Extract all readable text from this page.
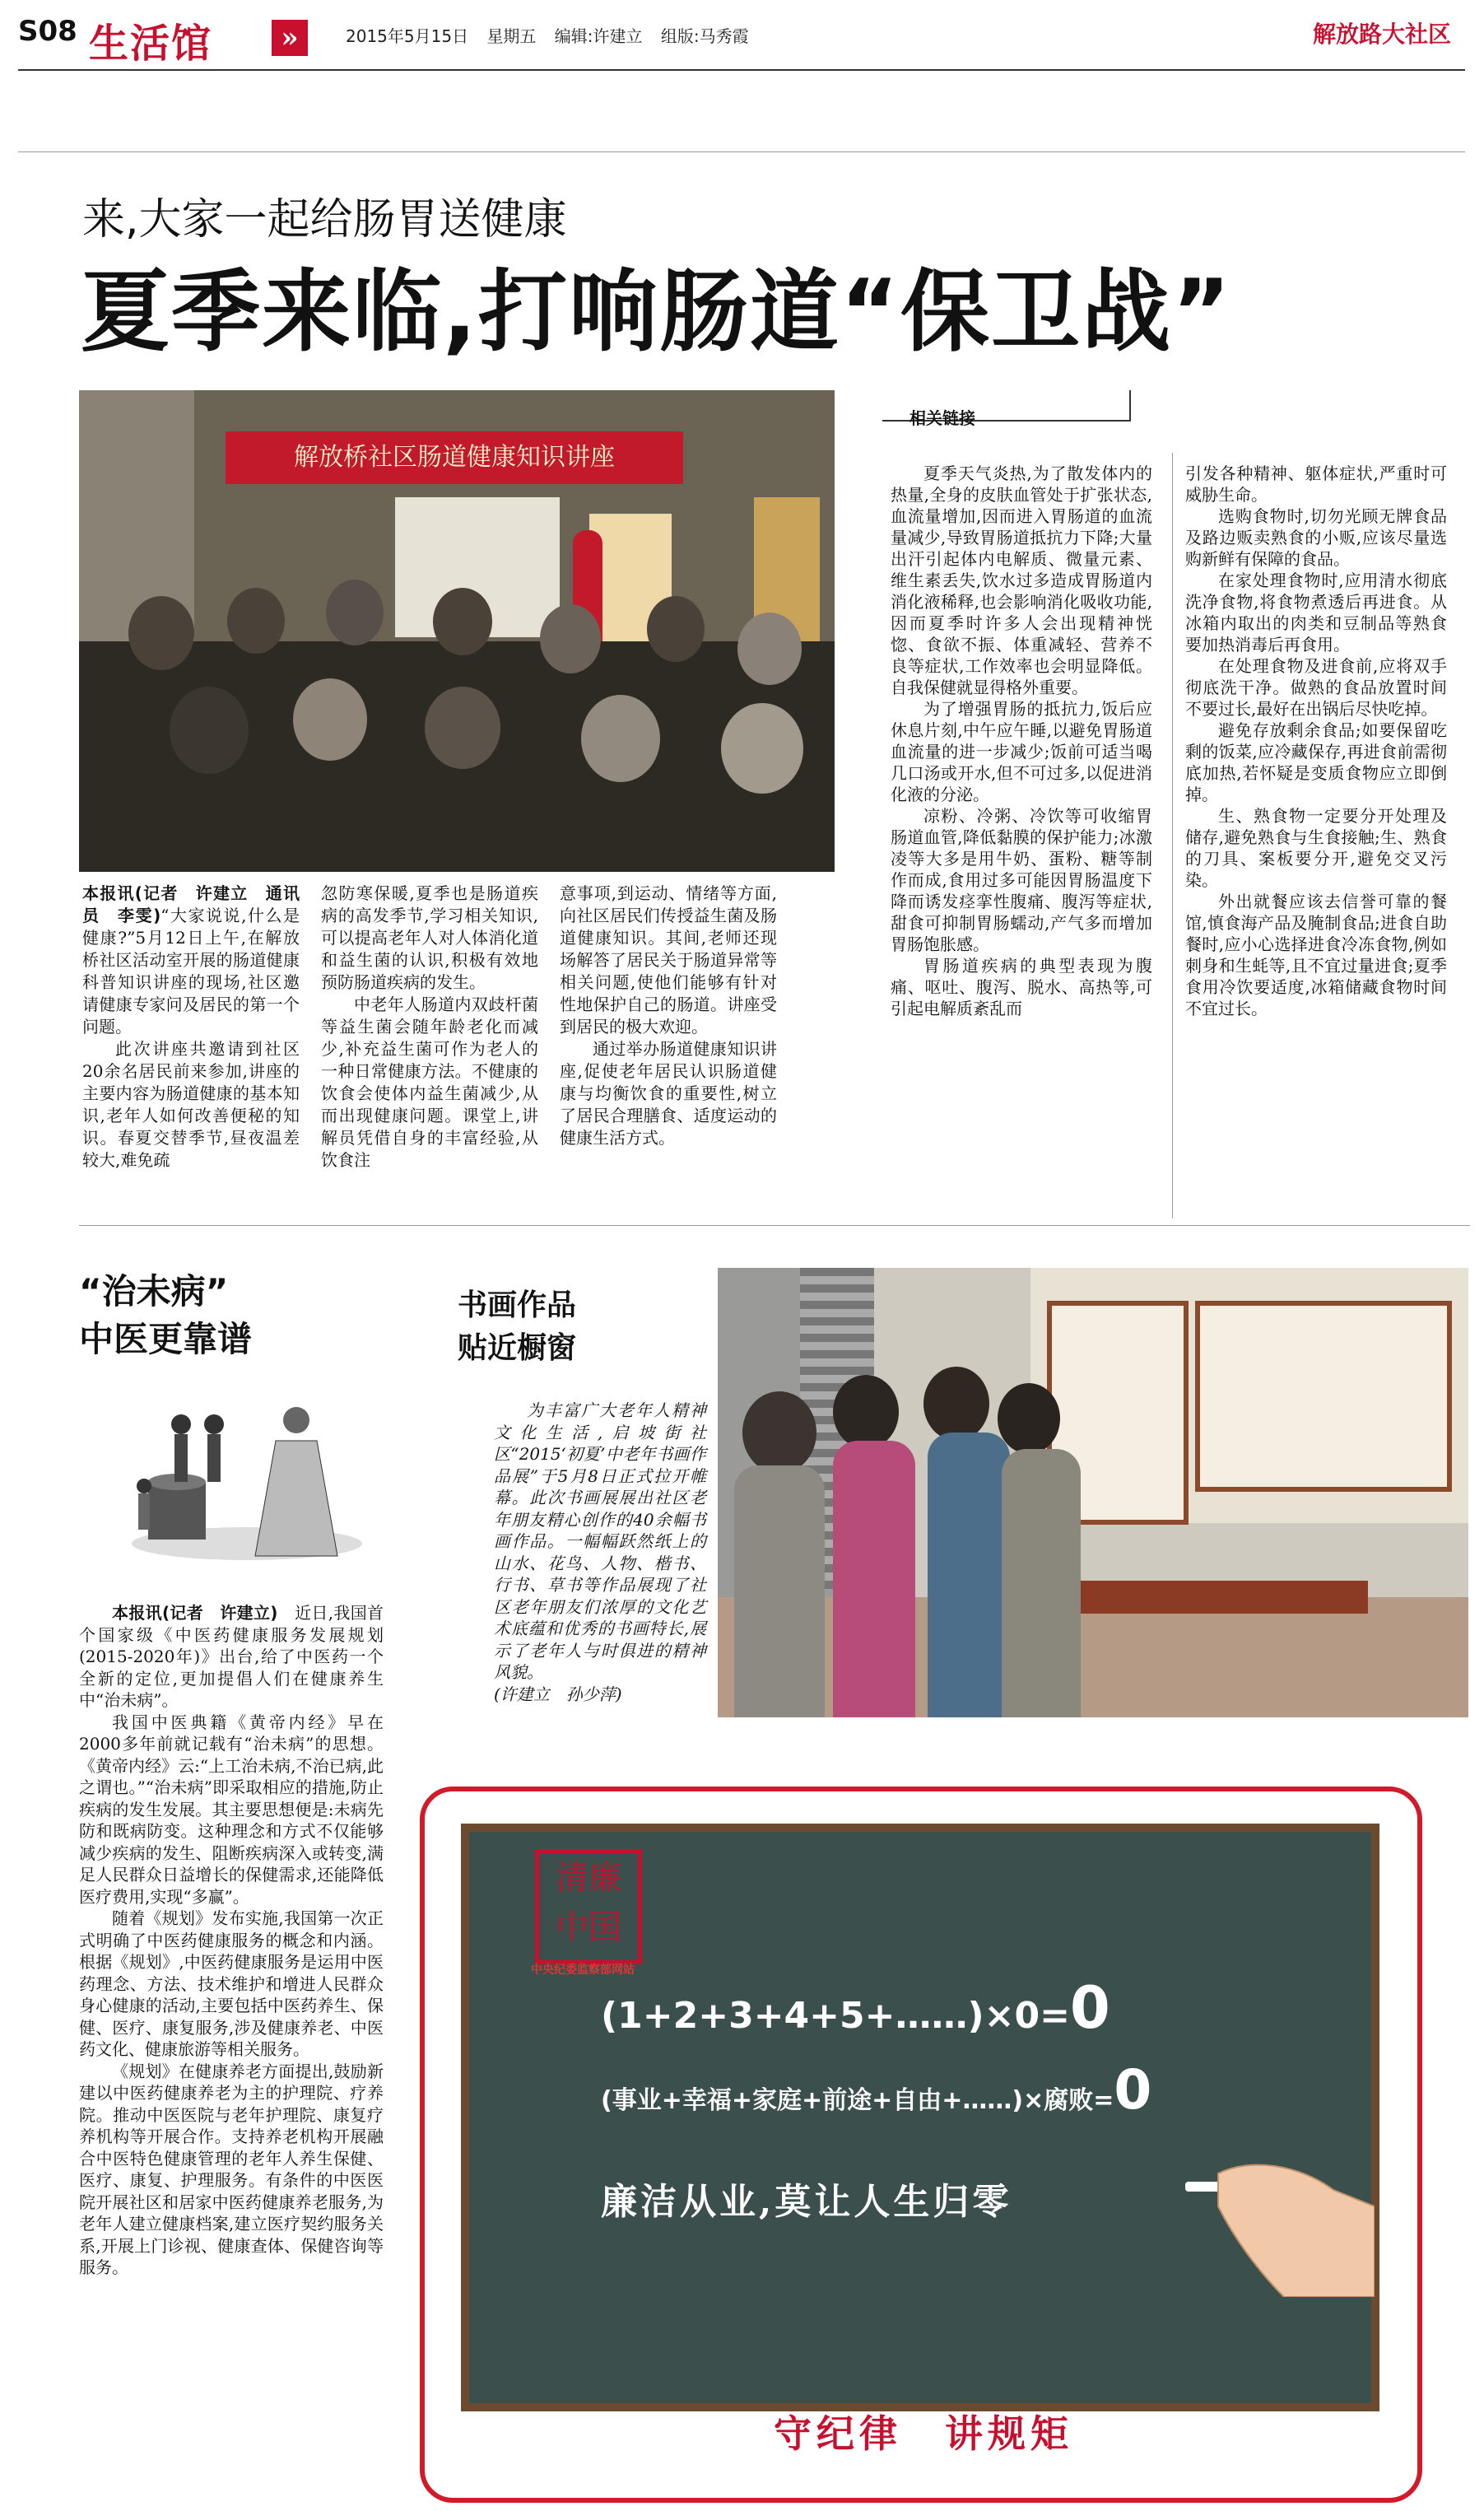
S08 生活馆	»	2015年5月15日 星期五 编辑:许建立 组版:马秀霞	解放路大社区
来,大家一起给肠胃送健康
夏季来临,打响肠道“保卫战”
解放桥社区肠道健康知识讲座

本报讯(记者　许建立　通讯员　李雯)“大家说说,什么是健康?”5月12日上午,在解放桥社区活动室开展的肠道健康科普知识讲座的现场,社区邀请健康专家问及居民的第一个问题。

此次讲座共邀请到社区20余名居民前来参加,讲座的主要内容为肠道健康的基本知识,老年人如何改善便秘的知识。春夏交替季节,昼夜温差较大,难免疏

忽防寒保暖,夏季也是肠道疾病的高发季节,学习相关知识,可以提高老年人对人体消化道和益生菌的认识,积极有效地预防肠道疾病的发生。

中老年人肠道内双歧杆菌等益生菌会随年龄老化而减少,补充益生菌可作为老人的一种日常健康方法。不健康的饮食会使体内益生菌减少,从而出现健康问题。课堂上,讲解员凭借自身的丰富经验,从饮食注

意事项,到运动、情绪等方面,向社区居民们传授益生菌及肠道健康知识。其间,老师还现场解答了居民关于肠道异常等相关问题,使他们能够有针对性地保护自己的肠道。讲座受到居民的极大欢迎。

通过举办肠道健康知识讲座,促使老年居民认识肠道健康与均衡饮食的重要性,树立了居民合理膳食、适度运动的健康生活方式。

相关链接

夏季天气炎热,为了散发体内的热量,全身的皮肤血管处于扩张状态,血流量增加,因而进入胃肠道的血流量减少,导致胃肠道抵抗力下降;大量出汗引起体内电解质、微量元素、维生素丢失,饮水过多造成胃肠道内消化液稀释,也会影响消化吸收功能,因而夏季时许多人会出现精神恍惚、食欲不振、体重减轻、营养不良等症状,工作效率也会明显降低。自我保健就显得格外重要。

为了增强胃肠的抵抗力,饭后应休息片刻,中午应午睡,以避免胃肠道血流量的进一步减少;饭前可适当喝几口汤或开水,但不可过多,以促进消化液的分泌。

凉粉、冷粥、冷饮等可收缩胃肠道血管,降低黏膜的保护能力;冰激凌等大多是用牛奶、蛋粉、糖等制作而成,食用过多可能因胃肠温度下降而诱发痉挛性腹痛、腹泻等症状,甜食可抑制胃肠蠕动,产气多而增加胃肠饱胀感。

胃肠道疾病的典型表现为腹痛、呕吐、腹泻、脱水、高热等,可引起电解质紊乱而

引发各种精神、躯体症状,严重时可威胁生命。

选购食物时,切勿光顾无牌食品及路边贩卖熟食的小贩,应该尽量选购新鲜有保障的食品。

在家处理食物时,应用清水彻底洗净食物,将食物煮透后再进食。从冰箱内取出的肉类和豆制品等熟食要加热消毒后再食用。

在处理食物及进食前,应将双手彻底洗干净。做熟的食品放置时间不要过长,最好在出锅后尽快吃掉。

避免存放剩余食品;如要保留吃剩的饭菜,应冷藏保存,再进食前需彻底加热,若怀疑是变质食物应立即倒掉。

生、熟食物一定要分开处理及储存,避免熟食与生食接触;生、熟食的刀具、案板要分开,避免交叉污染。

外出就餐应该去信誉可靠的餐馆,慎食海产品及腌制食品;进食自助餐时,应小心选择进食冷冻食物,例如刺身和生蚝等,且不宜过量进食;夏季食用冷饮要适度,冰箱储藏食物时间不宜过长。

“治未病”
中医更靠谱

本报讯(记者　许建立)　 近日,我国首个国家级《中医药健康服务发展规划(2015-2020年)》出台,给了中医药一个全新的定位,更加提倡人们在健康养生中“治未病”。

我国中医典籍《黄帝内经》早在2000多年前就记载有“治未病”的思想。《黄帝内经》云:“上工治未病,不治已病,此之谓也。”“治未病”即采取相应的措施,防止疾病的发生发展。其主要思想便是:未病先防和既病防变。这种理念和方式不仅能够减少疾病的发生、阻断疾病深入或转变,满足人民群众日益增长的保健需求,还能降低医疗费用,实现“多赢”。

随着《规划》发布实施,我国第一次正式明确了中医药健康服务的概念和内涵。根据《规划》,中医药健康服务是运用中医药理念、方法、技术维护和增进人民群众身心健康的活动,主要包括中医药养生、保健、医疗、康复服务,涉及健康养老、中医药文化、健康旅游等相关服务。

《规划》在健康养老方面提出,鼓励新建以中医药健康养老为主的护理院、疗养院。推动中医医院与老年护理院、康复疗养机构等开展合作。支持养老机构开展融合中医特色健康管理的老年人养生保健、医疗、康复、护理服务。有条件的中医医院开展社区和居家中医药健康养老服务,为老年人建立健康档案,建立医疗契约服务关系,开展上门诊视、健康查体、保健咨询等服务。

书画作品
贴近橱窗

为丰富广大老年人精神文化生活,启坡街社区“2015‘初夏’中老年书画作品展”于5月8日正式拉开帷幕。此次书画展展出社区老年朋友精心创作的40余幅书画作品。一幅幅跃然纸上的山水、花鸟、人物、楷书、行书、草书等作品展现了社区老年朋友们浓厚的文化艺术底蕴和优秀的书画特长,展示了老年人与时俱进的精神风貌。

(许建立　孙少萍)

清廉
中国
中央纪委监察部网站
(1+2+3+4+5+……)×0=0
(事业+幸福+家庭+前途+自由+……)×腐败=0
廉洁从业,莫让人生归零
守纪律　讲规矩
